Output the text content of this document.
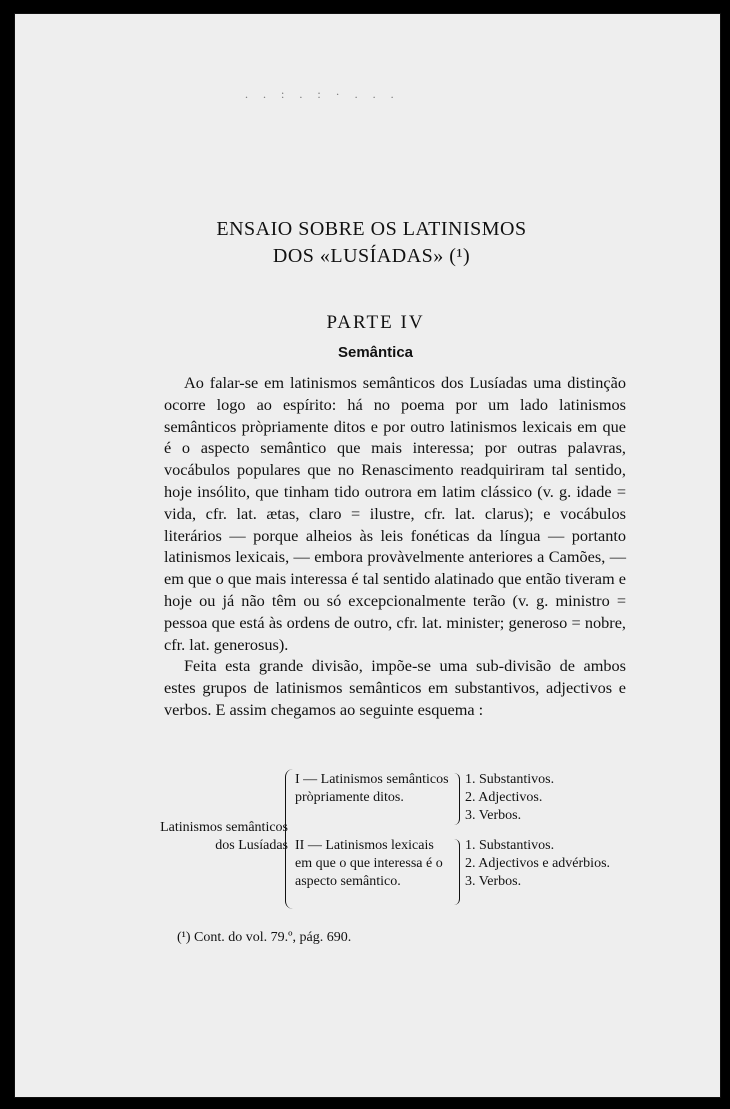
. . : . : · . . .
ENSAIO SOBRE OS LATINISMOS
DOS «LUSÍADAS» (¹)
PARTE IV
Semântica

Ao falar-se em latinismos semânticos dos Lusíadas uma distinção ocorre logo ao espírito: há no poema por um lado latinismos semânticos pròpriamente ditos e por outro latinismos lexicais em que é o aspecto semântico que mais interessa; por outras palavras, vocábulos populares que no Renascimento readquiriram tal sentido, hoje insólito, que tinham tido outrora em latim clássico (v. g. idade = vida, cfr. lat. ætas, claro = ilustre, cfr. lat. clarus); e vocábulos literários — porque alheios às leis fonéticas da língua — portanto latinismos lexicais, — embora provàvelmente anteriores a Camões, — em que o que mais interessa é tal sentido alatinado que então tiveram e hoje ou já não têm ou só excepcionalmente terão (v. g. ministro = pessoa que está às ordens de outro, cfr. lat. minister; generoso = nobre, cfr. lat. generosus).

Feita esta grande divisão, impõe-se uma sub-divisão de ambos estes grupos de latinismos semânticos em substantivos, adjectivos e verbos. E assim chegamos ao seguinte esquema :

Latinismos semânticos dos Lusíadas
I — Latinismos semânticos pròpriamente ditos.
II — Latinismos lexicais em que o que interessa é o aspecto semântico.
1. Substantivos.
2. Adjectivos.
3. Verbos.
1. Substantivos.
2. Adjectivos e advérbios.
3. Verbos.
(¹) Cont. do vol. 79.º, pág. 690.
